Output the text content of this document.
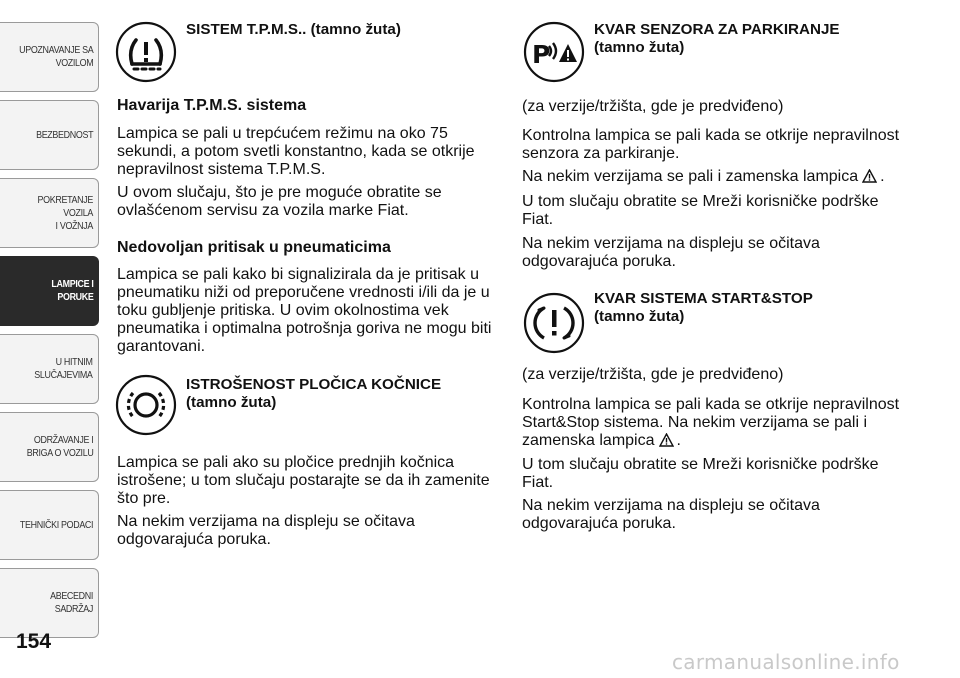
UPOZNAVANJE SA
VOZILOM
BEZBEDNOST
POKRETANJE VOZILA
I VOŽNJA
LAMPICE I
PORUKE
U HITNIM
SLUČAJEVIMA
ODRŽAVANJE I
BRIGA O VOZILU
TEHNIČKI PODACI
ABECEDNI SADRŽAJ
154
SISTEM T.P.M.S.. (tamno žuta)
Havarija T.P.M.S. sistema
Lampica se pali u trepćućem režimu na oko 75
sekundi, a potom svetli konstantno, kada se otkrije
nepravilnost sistema T.P.M.S.
U ovom slučaju, što je pre moguće obratite se
ovlašćenom servisu za vozila marke Fiat.
Nedovoljan pritisak u pneumaticima
Lampica se pali kako bi signalizirala da je pritisak u
pneumatiku niži od preporučene vrednosti i/ili da je u
toku gubljenje pritiska. U ovim okolnostima vek
pneumatika i optimalna potrošnja goriva ne mogu biti
garantovani.
ISTROŠENOST PLOČICA KOČNICE
(tamno žuta)
Lampica se pali ako su pločice prednjih kočnica
istrošene; u tom slučaju postarajte se da ih zamenite
što pre.
Na nekim verzijama na displeju se očitava
odgovarajuća poruka.
P
KVAR SENZORA ZA PARKIRANJE
(tamno žuta)
(za verzije/tržišta, gde je predviđeno)
Kontrolna lampica se pali kada se otkrije nepravilnost
senzora za parkiranje.
Na nekim verzijama se pali i zamenska lampica .
U tom slučaju obratite se Mreži korisničke podrške
Fiat.
Na nekim verzijama na displeju se očitava
odgovarajuća poruka.
KVAR SISTEMA START&STOP
(tamno žuta)
(za verzije/tržišta, gde je predviđeno)
Kontrolna lampica se pali kada se otkrije nepravilnost
Start&Stop sistema. Na nekim verzijama se pali i
zamenska lampica .
U tom slučaju obratite se Mreži korisničke podrške
Fiat.
Na nekim verzijama na displeju se očitava
odgovarajuća poruka.
carmanualsonline.info
